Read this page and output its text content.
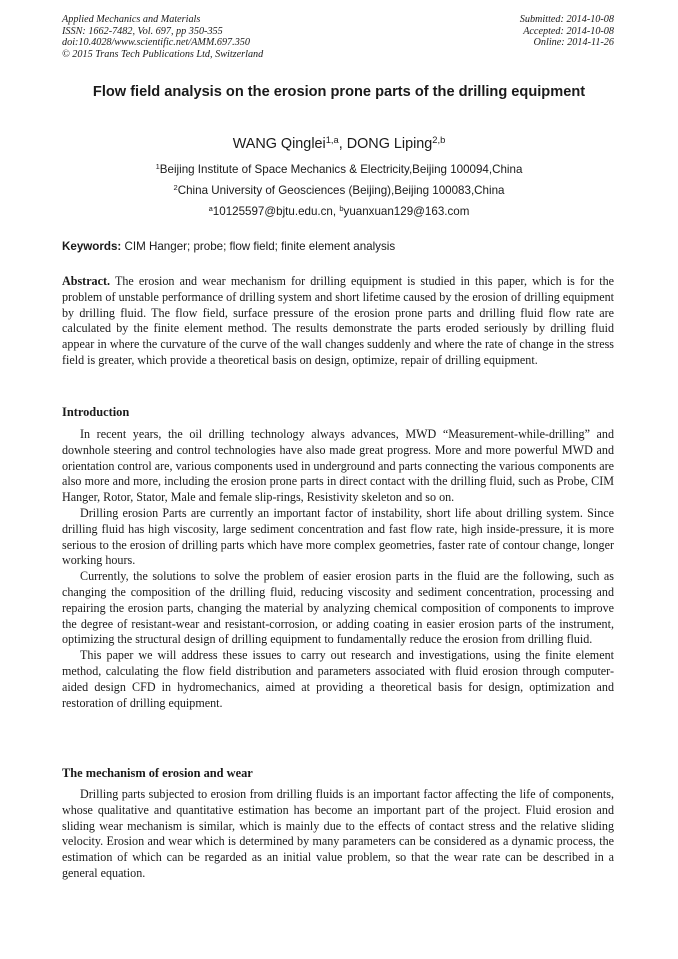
Applied Mechanics and Materials
ISSN: 1662-7482, Vol. 697, pp 350-355
doi:10.4028/www.scientific.net/AMM.697.350
© 2015 Trans Tech Publications Ltd, Switzerland
Submitted: 2014-10-08
Accepted: 2014-10-08
Online: 2014-11-26
Flow field analysis on the erosion prone parts of the drilling equipment
WANG Qinglei$^{1,a}$, DONG Liping$^{2,b}$
$^1$Beijing Institute of Space Mechanics & Electricity,Beijing 100094,China
$^2$China University of Geosciences (Beijing),Beijing 100083,China
$^a$10125597@bjtu.edu.cn, $^b$yuanxuan129@163.com
Keywords: CIM Hanger; probe; flow field; finite element analysis

Abstract. The erosion and wear mechanism for drilling equipment is studied in this paper, which is for the problem of unstable performance of drilling system and short lifetime caused by the erosion of drilling equipment by drilling fluid. The flow field, surface pressure of the erosion prone parts and drilling fluid flow rate are calculated by the finite element method. The results demonstrate the parts eroded seriously by drilling fluid appear in where the curvature of the curve of the wall changes suddenly and where the rate of change in the stress field is greater, which provide a theoretical basis on design, optimize, repair of drilling equipment.

Introduction

In recent years, the oil drilling technology always advances, MWD “Measurement-while-drilling” and downhole steering and control technologies have also made great progress. More and more powerful MWD and orientation control are, various components used in underground and parts connecting the various components are also more and more, including the erosion prone parts in direct contact with the drilling fluid, such as Probe, CIM Hanger, Rotor, Stator, Male and female slip-rings, Resistivity skeleton and so on.

Drilling erosion Parts are currently an important factor of instability, short life about drilling system. Since drilling fluid has high viscosity, large sediment concentration and fast flow rate, high inside-pressure, it is more serious to the erosion of drilling parts which have more complex geometries, faster rate of contour change, longer working hours.

Currently, the solutions to solve the problem of easier erosion parts in the fluid are the following, such as changing the composition of the drilling fluid, reducing viscosity and sediment concentration, processing and repairing the erosion parts, changing the material by analyzing chemical composition of components to improve the degree of resistant-wear and resistant-corrosion, or adding coating in easier erosion parts of the instrument, optimizing the structural design of drilling equipment to fundamentally reduce the erosion from drilling fluid.

This paper we will address these issues to carry out research and investigations, using the finite element method, calculating the flow field distribution and parameters associated with fluid erosion through computer-aided design CFD in hydromechanics, aimed at providing a theoretical basis for design, optimization and restoration of drilling equipment.

The mechanism of erosion and wear

Drilling parts subjected to erosion from drilling fluids is an important factor affecting the life of components, whose qualitative and quantitative estimation has become an important part of the project. Fluid erosion and sliding wear mechanism is similar, which is mainly due to the effects of contact stress and the relative sliding velocity. Erosion and wear which is determined by many parameters can be considered as a dynamic process, the estimation of which can be regarded as an initial value problem, so that the wear rate can be described in a general equation.
